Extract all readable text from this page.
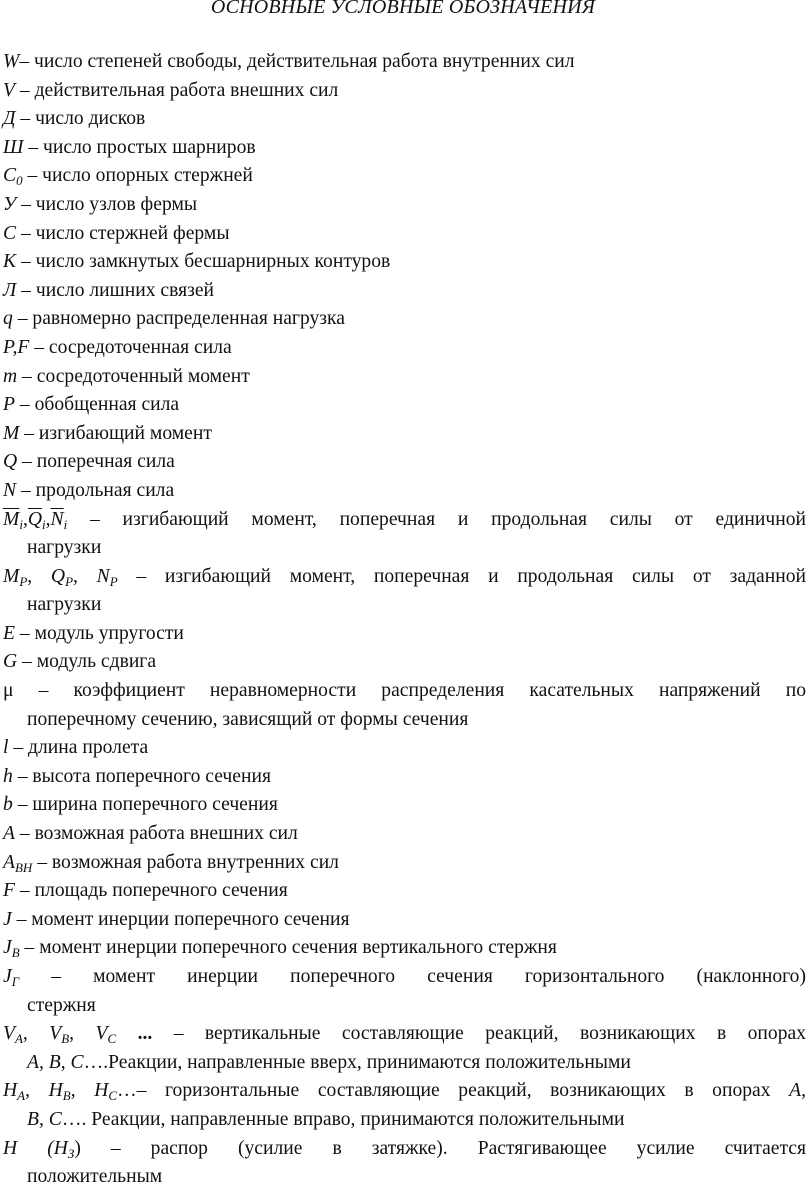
ОСНОВНЫЕ УСЛОВНЫЕ ОБОЗНАЧЕНИЯ
W– число степеней свободы, действительная работа внутренних сил
V – действительная работа внешних сил
Д – число дисков
Ш – число простых шарниров
$C_0$ – число опорных стержней
У – число узлов фермы
C – число стержней фермы
K – число замкнутых бесшарнирных контуров
Л – число лишних связей
q – равномерно распределенная нагрузка
P,F – сосредоточенная сила
m – сосредоточенный момент
P – обобщенная сила
M – изгибающий момент
Q – поперечная сила
N – продольная сила
$\overline{M}_i,\overline{Q}_i,\overline{N}_i$ – изгибающий момент, поперечная и продольная силы от единичной
нагрузки
$M_P$, $Q_P$, $N_P$ – изгибающий момент, поперечная и продольная силы от заданной
нагрузки
E – модуль упругости
G – модуль сдвига
μ – коэффициент неравномерности распределения касательных напряжений по
поперечному сечению, зависящий от формы сечения
l – длина пролета
h – высота поперечного сечения
b – ширина поперечного сечения
A – возможная работа внешних сил
$A_{ВН}$ – возможная работа внутренних сил
F – площадь поперечного сечения
J – момент инерции поперечного сечения
$J_В$ – момент инерции поперечного сечения вертикального стержня
$J_Г$ – момент инерции поперечного сечения горизонтального (наклонного)
стержня
$V_A$, $V_B$, $V_C$ ... – вертикальные составляющие реакций, возникающих в опорах
A, B, C….Реакции, направленные вверх, принимаются положительными
$H_A$, $H_B$, $H_C\dots-$ горизонтальные составляющие реакций, возникающих в опорах A,
B, C…. Реакции, направленные вправо, принимаются положительными
H $(H_З)$ – распор (усилие в затяжке). Растягивающее усилие считается
положительным
